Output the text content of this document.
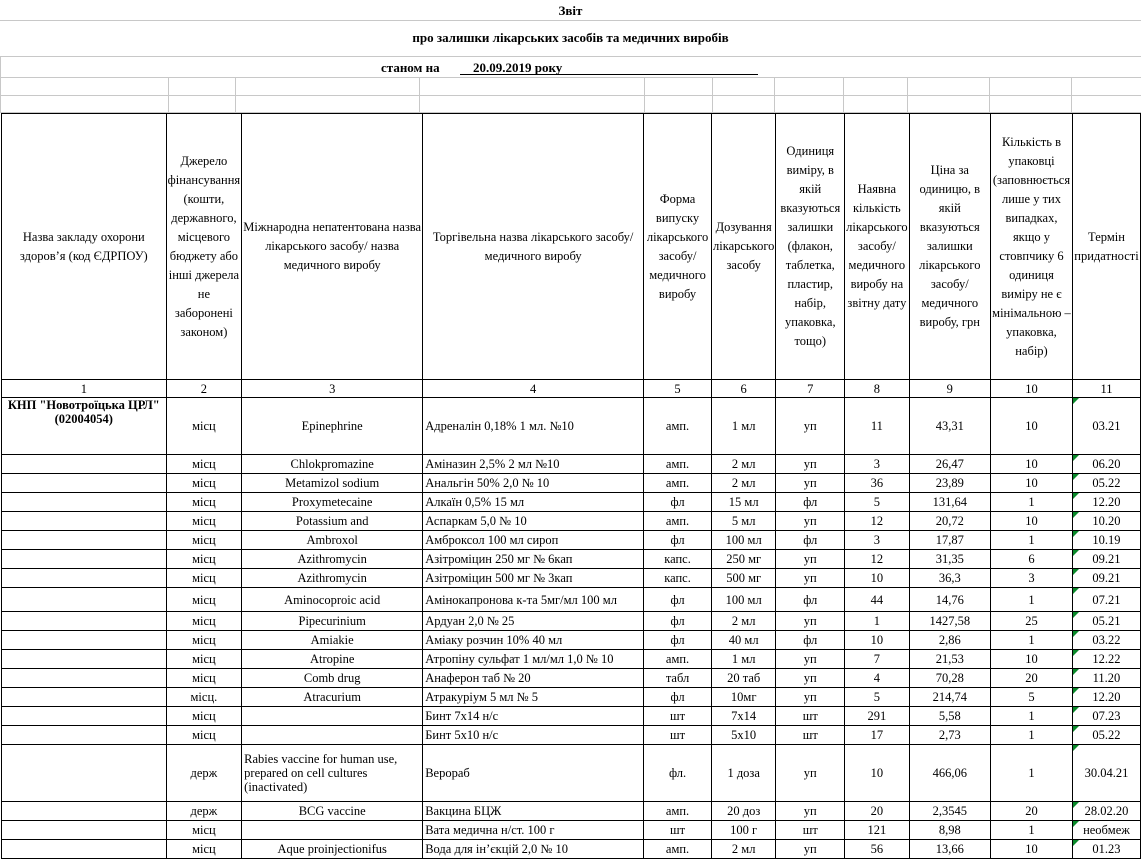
Звіт
про залишки лікарських засобів та медичних виробів
станом на	20.09.2019 року
Назва закладу охорони здоров’я (код ЄДРПОУ)	Джерело фінансування (кошти, державного, місцевого бюджету або інші джерела не заборонені законом)	Міжнародна непатентована назва лікарського засобу/ назва медичного виробу	Торгівельна назва лікарського засобу/ медичного виробу	Форма випуску лікарського засобу/ медичного виробу	Дозування лікарського засобу	Одиниця виміру, в якій вказуються залишки (флакон, таблетка, пластир, набір, упаковка, тощо)	Наявна кількість лікарського засобу/медичного виробу на звітну дату	Ціна за одиницю, в якій вказуються залишки лікарського засобу/медичного виробу, грн	Кількість в упаковці (заповнюється лише у тих випадках, якщо у стовпчику 6 одиниця виміру не є мінімальною – упаковка, набір)	Термін придатності
1	2	3	4	5	6	7	8	9	10	11

КНП "Новотроїцька ЦРЛ"
(02004054)	місц	Epinephrine	Адреналін 0,18% 1 мл. №10	амп.	1 мл	уп	11	43,31	10	03.21
	місц	Chlokpromazine	Аміназин 2,5% 2 мл №10	амп.	2 мл	уп	3	26,47	10	06.20
	місц	Metamizol sodium	Анальгін 50% 2,0 № 10	амп.	2 мл	уп	36	23,89	10	05.22
	місц	Proxymetecaine	Алкаїн 0,5% 15 мл	фл	15 мл	фл	5	131,64	1	12.20
	місц	Potassium and	Аспаркам 5,0 № 10	амп.	5 мл	уп	12	20,72	10	10.20
	місц	Ambroxol	Амброксол 100 мл сироп	фл	100 мл	фл	3	17,87	1	10.19
	місц	Azithromycin	Азітроміцин 250 мг № 6кап	капс.	250 мг	уп	12	31,35	6	09.21
	місц	Azithromycin	Азітроміцин 500 мг № 3кап	капс.	500 мг	уп	10	36,3	3	09.21
	місц	Aminocoproic acid	Амінокапронова к-та 5мг/мл 100 мл	фл	100 мл	фл	44	14,76	1	07.21
	місц	Pipecurinium	Ардуан 2,0 № 25	фл	2 мл	уп	1	1427,58	25	05.21
	місц	Amiakie	Аміаку розчин 10% 40 мл	фл	40 мл	фл	10	2,86	1	03.22
	місц	Atropine	Атропіну сульфат 1 мл/мл 1,0 № 10	амп.	1 мл	уп	7	21,53	10	12.22
	місц	Comb drug	Анаферон таб № 20	табл	20 таб	уп	4	70,28	20	11.20
	місц.	Atracurium	Атракуріум 5 мл № 5	фл	10мг	уп	5	214,74	5	12.20
	місц		Бинт 7х14 н/с	шт	7х14	шт	291	5,58	1	07.23
	місц		Бинт 5х10 н/с	шт	5х10	шт	17	2,73	1	05.22
	держ	Rabies vaccine for human use, prepared on cell cultures (inactivated)	Верораб	фл.	1 доза	уп	10	466,06	1	30.04.21
	держ	BCG vaccine	Вакцина БЦЖ	амп.	20 доз	уп	20	2,3545	20	28.02.20
	місц		Вата медична н/ст. 100 г	шт	100 г	шт	121	8,98	1	необмеж
	місц	Aque proinjectionifus	Вода для ін’єкцій 2,0 № 10	амп.	2 мл	уп	56	13,66	10	01.23
